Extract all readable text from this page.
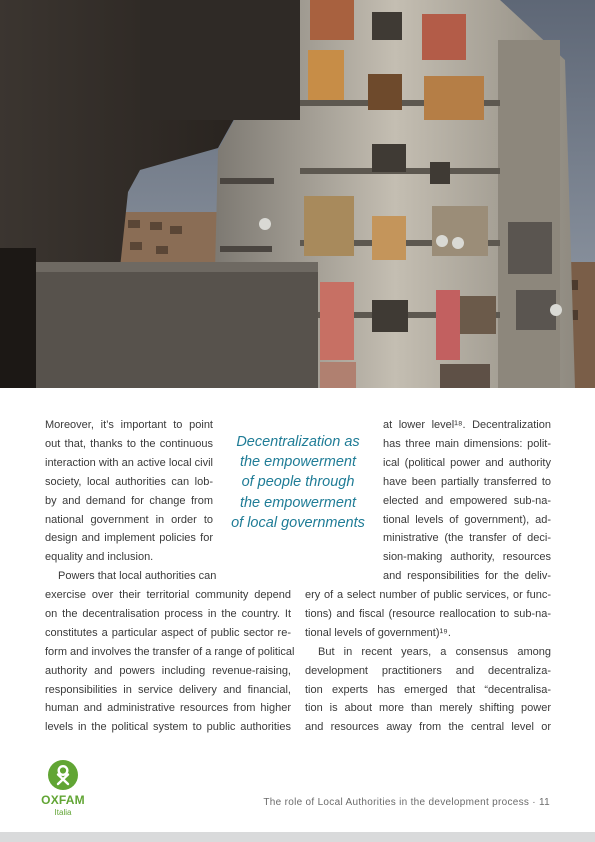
Moreover, it’s important to point
out that, thanks to the continuous
interaction with an active local civil
society, local authorities can lob-
by and demand for change from
national government in order to
design and implement policies for
equality and inclusion.
Powers that local authorities can

exercise over their territorial community depend
on the decentralisation process in the country. It
constitutes a particular aspect of public sector re-
form and involves the transfer of a range of political
authority and powers including revenue-raising,
responsibilities in service delivery and financial,
human and administrative resources from higher
levels in the political system to public authorities

Decentralization as
the empowerment
of people through
the empowerment
of local governments

at lower level¹⁸. Decentralization
has three main dimensions: polit-
ical (political power and authority
have been partially transferred to
elected and empowered sub-na-
tional levels of government), ad-
ministrative (the transfer of deci-
sion-making authority, resources
and responsibilities for the deliv-

ery of a select number of public services, or func-
tions) and fiscal (resource reallocation to sub-na-
tional levels of government)¹⁹.
But in recent years, a consensus among
development practitioners and decentraliza-
tion experts has emerged that “decentralisa-
tion is about more than merely shifting power
and resources away from the central level or

OXFAM

Italia

The role of Local Authorities in the development process · 11
